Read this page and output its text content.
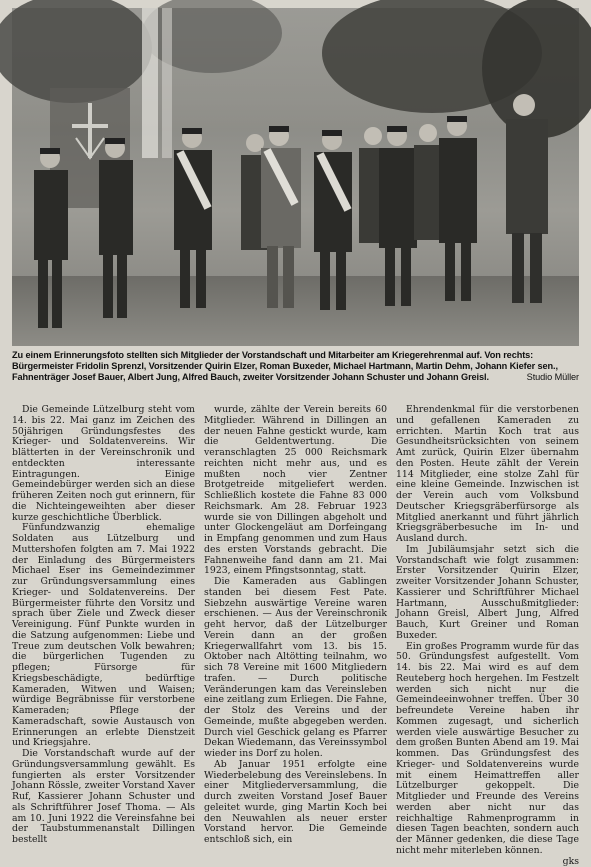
Zu einem Erinnerungsfoto stellten sich Mitglieder der Vorstandschaft und Mitarbeiter am Kriegerehrenmal auf. Von rechts: Bürgermeister Fridolin Sprenzl, Vorsitzender Quirin Elzer, Roman Buxeder, Michael Hartmann, Martin Dehm, Johann Kiefer sen., Fahnenträger Josef Bauer, Albert Jung, Alfred Bauch, zweiter Vorsitzender Johann Schuster und Johann Greisl.	Studio Müller

Die Gemeinde Lützelburg steht vom 14. bis 22. Mai ganz im Zeichen des 50jährigen Gründungsfestes des Krieger- und Soldatenvereins. Wir blätterten in der Vereinschronik und entdeckten interessante Eintragungen. Einige Gemeindebürger werden sich an diese früheren Zeiten noch gut erinnern, für die Nichteingeweihten aber dieser kurze geschichtliche Überblick.

Fünfundzwanzig ehemalige Soldaten aus Lützelburg und Muttershofen folgten am 7. Mai 1922 der Einladung des Bürgermeisters Michael Eser ins Gemeindezimmer zur Gründungsversammlung eines Krieger- und Soldatenvereins. Der Bürgermeister führte den Vorsitz und sprach über Ziele und Zweck dieser Vereinigung. Fünf Punkte wurden in die Satzung aufgenommen: Liebe und Treue zum deutschen Volk bewahren; die bürgerlichen Tugenden zu pflegen; Fürsorge für Kriegsbeschädigte, bedürftige Kameraden, Witwen und Waisen; würdige Begräbnisse für verstorbene Kameraden; Pflege der Kameradschaft, sowie Austausch von Erinnerungen an erlebte Dienstzeit und Kriegsjahre.

Die Vorstandschaft wurde auf der Gründungsversammlung gewählt. Es fungierten als erster Vorsitzender Johann Rössle, zweiter Vorstand Xaver Ruf, Kassierer Johann Schuster und als Schriftführer Josef Thoma. — Als am 10. Juni 1922 die Vereinsfahne bei der Taubstummenanstalt Dillingen bestellt

wurde, zählte der Verein bereits 60 Mitglieder. Während in Dillingen an der neuen Fahne gestickt wurde, kam die Geldentwertung. Die veranschlagten 25 000 Reichsmark reichten nicht mehr aus, und es mußten noch vier Zentner Brotgetreide mitgeliefert werden. Schließlich kostete die Fahne 83 000 Reichsmark. Am 28. Februar 1923 wurde sie von Dillingen abgeholt und unter Glockengeläut am Dorfeingang in Empfang genommen und zum Haus des ersten Vorstands gebracht. Die Fahnenweihe fand dann am 21. Mai 1923, einem Pfingstsonntag, statt.

Die Kameraden aus Gablingen standen bei diesem Fest Pate. Siebzehn auswärtige Vereine waren erschienen. — Aus der Vereinschronik geht hervor, daß der Lützelburger Verein dann an der großen Kriegerwallfahrt vom 13. bis 15. Oktober nach Altötting teilnahm, wo sich 78 Vereine mit 1600 Mitgliedern trafen. — Durch politische Veränderungen kam das Vereinsleben eine zeitlang zum Erliegen. Die Fahne, der Stolz des Vereins und der Gemeinde, mußte abgegeben werden. Durch viel Geschick gelang es Pfarrer Dekan Wiedemann, das Vereinssymbol wieder ins Dorf zu holen.

Ab Januar 1951 erfolgte eine Wiederbelebung des Vereinslebens. In einer Mitgliederversammlung, die durch zweiten Vorstand Josef Bauer geleitet wurde, ging Martin Koch bei den Neuwahlen als neuer erster Vorstand hervor. Die Gemeinde entschloß sich, ein

Ehrendenkmal für die verstorbenen und gefallenen Kameraden zu errichten. Martin Koch trat aus Gesundheitsrücksichten von seinem Amt zurück, Quirin Elzer übernahm den Posten. Heute zählt der Verein 114 Mitglieder, eine stolze Zahl für eine kleine Gemeinde. Inzwischen ist der Verein auch vom Volksbund Deutscher Kriegsgräberfürsorge als Mitglied anerkannt und führt jährlich Kriegsgräberbesuche im In- und Ausland durch.

Im Jubiläumsjahr setzt sich die Vorstandschaft wie folgt zusammen: Erster Vorsitzender Quirin Elzer, zweiter Vorsitzender Johann Schuster, Kassierer und Schriftführer Michael Hartmann, Ausschußmitglieder: Johann Greisl, Albert Jung, Alfred Bauch, Kurt Greiner und Roman Buxeder.

Ein großes Programm wurde für das 50. Gründungsfest aufgestellt. Vom 14. bis 22. Mai wird es auf dem Reuteberg hoch hergehen. Im Festzelt werden sich nicht nur die Gemeindeeinwohner treffen. Über 30 befreundete Vereine haben ihr Kommen zugesagt, und sicherlich werden viele auswärtige Besucher zu dem großen Bunten Abend am 19. Mai kommen. Das Gründungsfest des Krieger- und Soldatenvereins wurde mit einem Heimattreffen aller Lützelburger gekoppelt. Die Mitglieder und Freunde des Vereins werden aber nicht nur das reichhaltige Rahmenprogramm in diesen Tagen beachten, sondern auch der Männer gedenken, die diese Tage nicht mehr miterleben können.

gks
